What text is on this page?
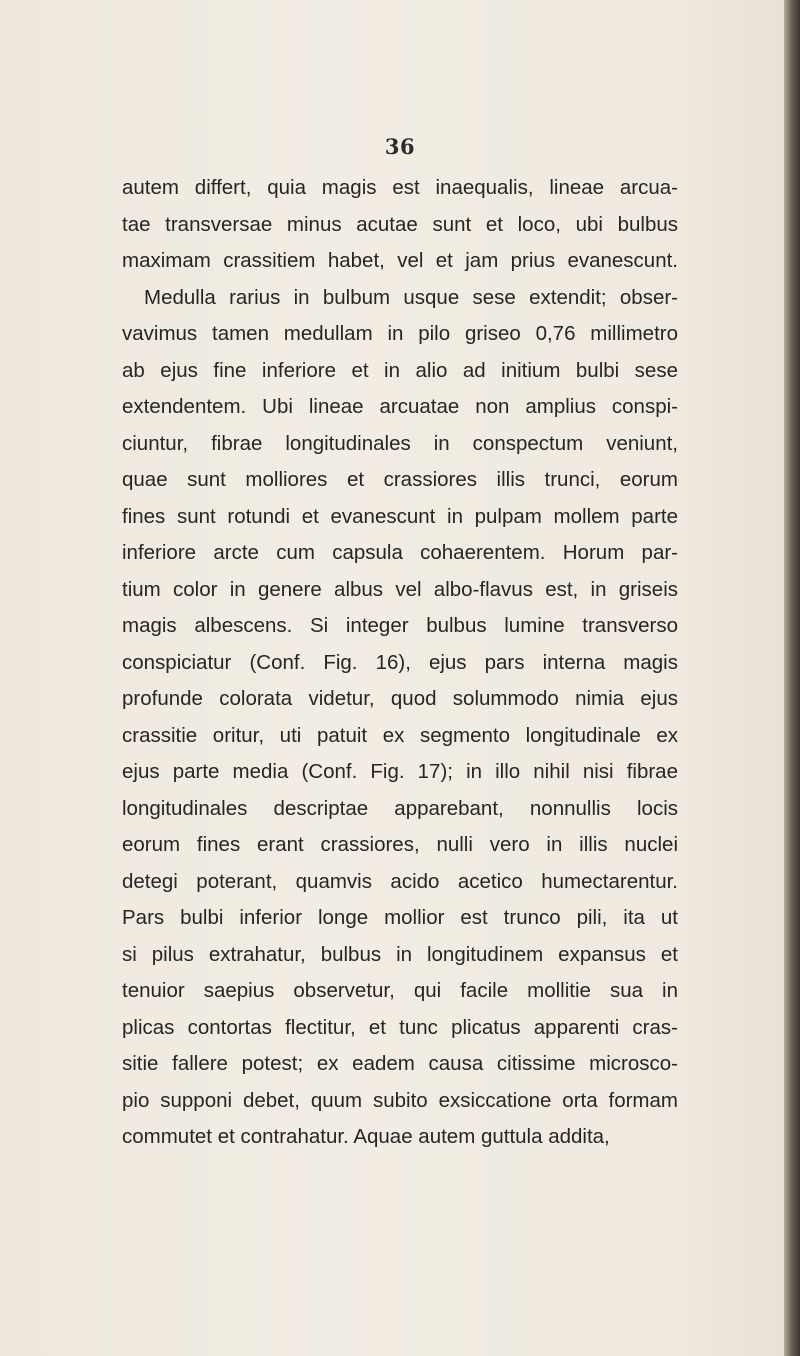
36
autem differt, quia magis est inaequalis, lineae arcua-
tae transversae minus acutae sunt et loco, ubi bulbus
maximam crassitiem habet, vel et jam prius evanescunt.
Medulla rarius in bulbum usque sese extendit; obser-
vavimus tamen medullam in pilo griseo 0,76 millimetro
ab ejus fine inferiore et in alio ad initium bulbi sese
extendentem. Ubi lineae arcuatae non amplius conspi-
ciuntur, fibrae longitudinales in conspectum veniunt,
quae sunt molliores et crassiores illis trunci, eorum
fines sunt rotundi et evanescunt in pulpam mollem parte
inferiore arcte cum capsula cohaerentem. Horum par-
tium color in genere albus vel albo-flavus est, in griseis
magis albescens. Si integer bulbus lumine transverso
conspiciatur (Conf. Fig. 16), ejus pars interna magis
profunde colorata videtur, quod solummodo nimia ejus
crassitie oritur, uti patuit ex segmento longitudinale ex
ejus parte media (Conf. Fig. 17); in illo nihil nisi fibrae
longitudinales descriptae apparebant, nonnullis locis
eorum fines erant crassiores, nulli vero in illis nuclei
detegi poterant, quamvis acido acetico humectarentur.
Pars bulbi inferior longe mollior est trunco pili, ita ut
si pilus extrahatur, bulbus in longitudinem expansus et
tenuior saepius observetur, qui facile mollitie sua in
plicas contortas flectitur, et tunc plicatus apparenti cras-
sitie fallere potest; ex eadem causa citissime microsco-
pio supponi debet, quum subito exsiccatione orta formam
commutet et contrahatur. Aquae autem guttula addita,
